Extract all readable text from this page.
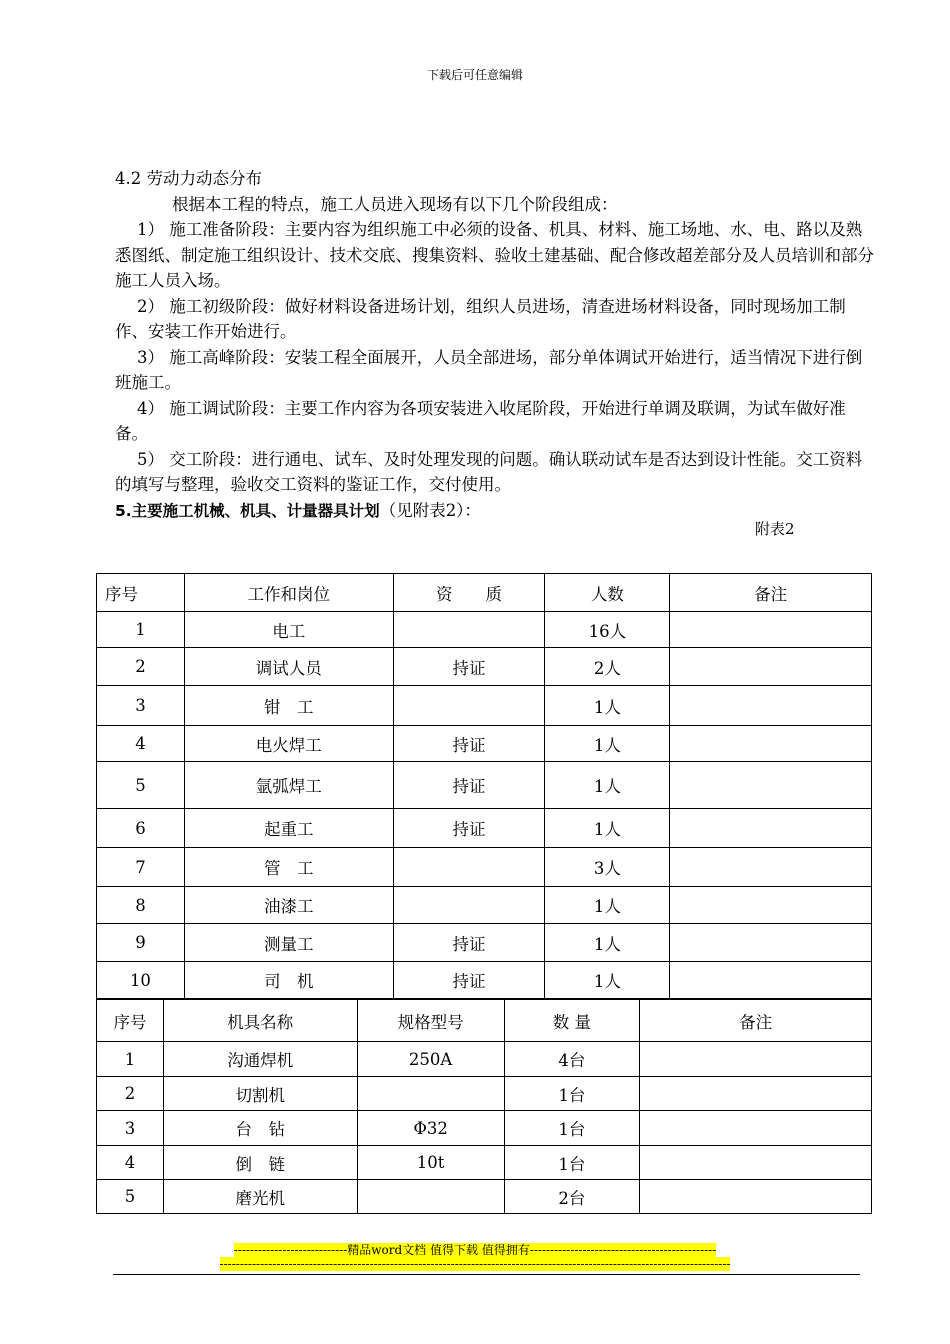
下载后可任意编辑

4.2 劳动力动态分布

根据本工程的特点，施工人员进入现场有以下几个阶段组成：

1） 施工准备阶段：主要内容为组织施工中必须的设备、机具、材料、施工场地、水、电、路以及熟悉图纸、制定施工组织设计、技术交底、搜集资料、验收土建基础、配合修改超差部分及人员培训和部分施工人员入场。

2） 施工初级阶段：做好材料设备进场计划，组织人员进场，清查进场材料设备，同时现场加工制作、安装工作开始进行。

3） 施工高峰阶段：安装工程全面展开，人员全部进场，部分单体调试开始进行，适当情况下进行倒班施工。

4） 施工调试阶段：主要工作内容为各项安装进入收尾阶段，开始进行单调及联调，为试车做好准备。

5） 交工阶段：进行通电、试车、及时处理发现的问题。确认联动试车是否达到设计性能。交工资料的填写与整理，验收交工资料的鉴证工作，交付使用。

5.主要施工机械、机具、计量器具计划（见附表2）：

附表2
序号	工作和岗位	资　　质	人数	备注
1	电工		16人	
2	调试人员	持证	2人	
3	钳　工		1人	
4	电火焊工	持证	1人	
5	氩弧焊工	持证	1人	
6	起重工	持证	1人	
7	管　工		3人	
8	油漆工		1人	
9	测量工	持证	1人	
10	司　机	持证	1人	
序号	机具名称	规格型号	数 量	备注
1	沟通焊机	250A	4台	
2	切割机		1台	
3	台　钻	Φ32	1台	
4	倒　链	10t	1台	
5	磨光机		2台	
----------------------------精品word文档 值得下载 值得拥有----------------------------------------------
------------------------------------------------------------------------------------------------------------------------------
